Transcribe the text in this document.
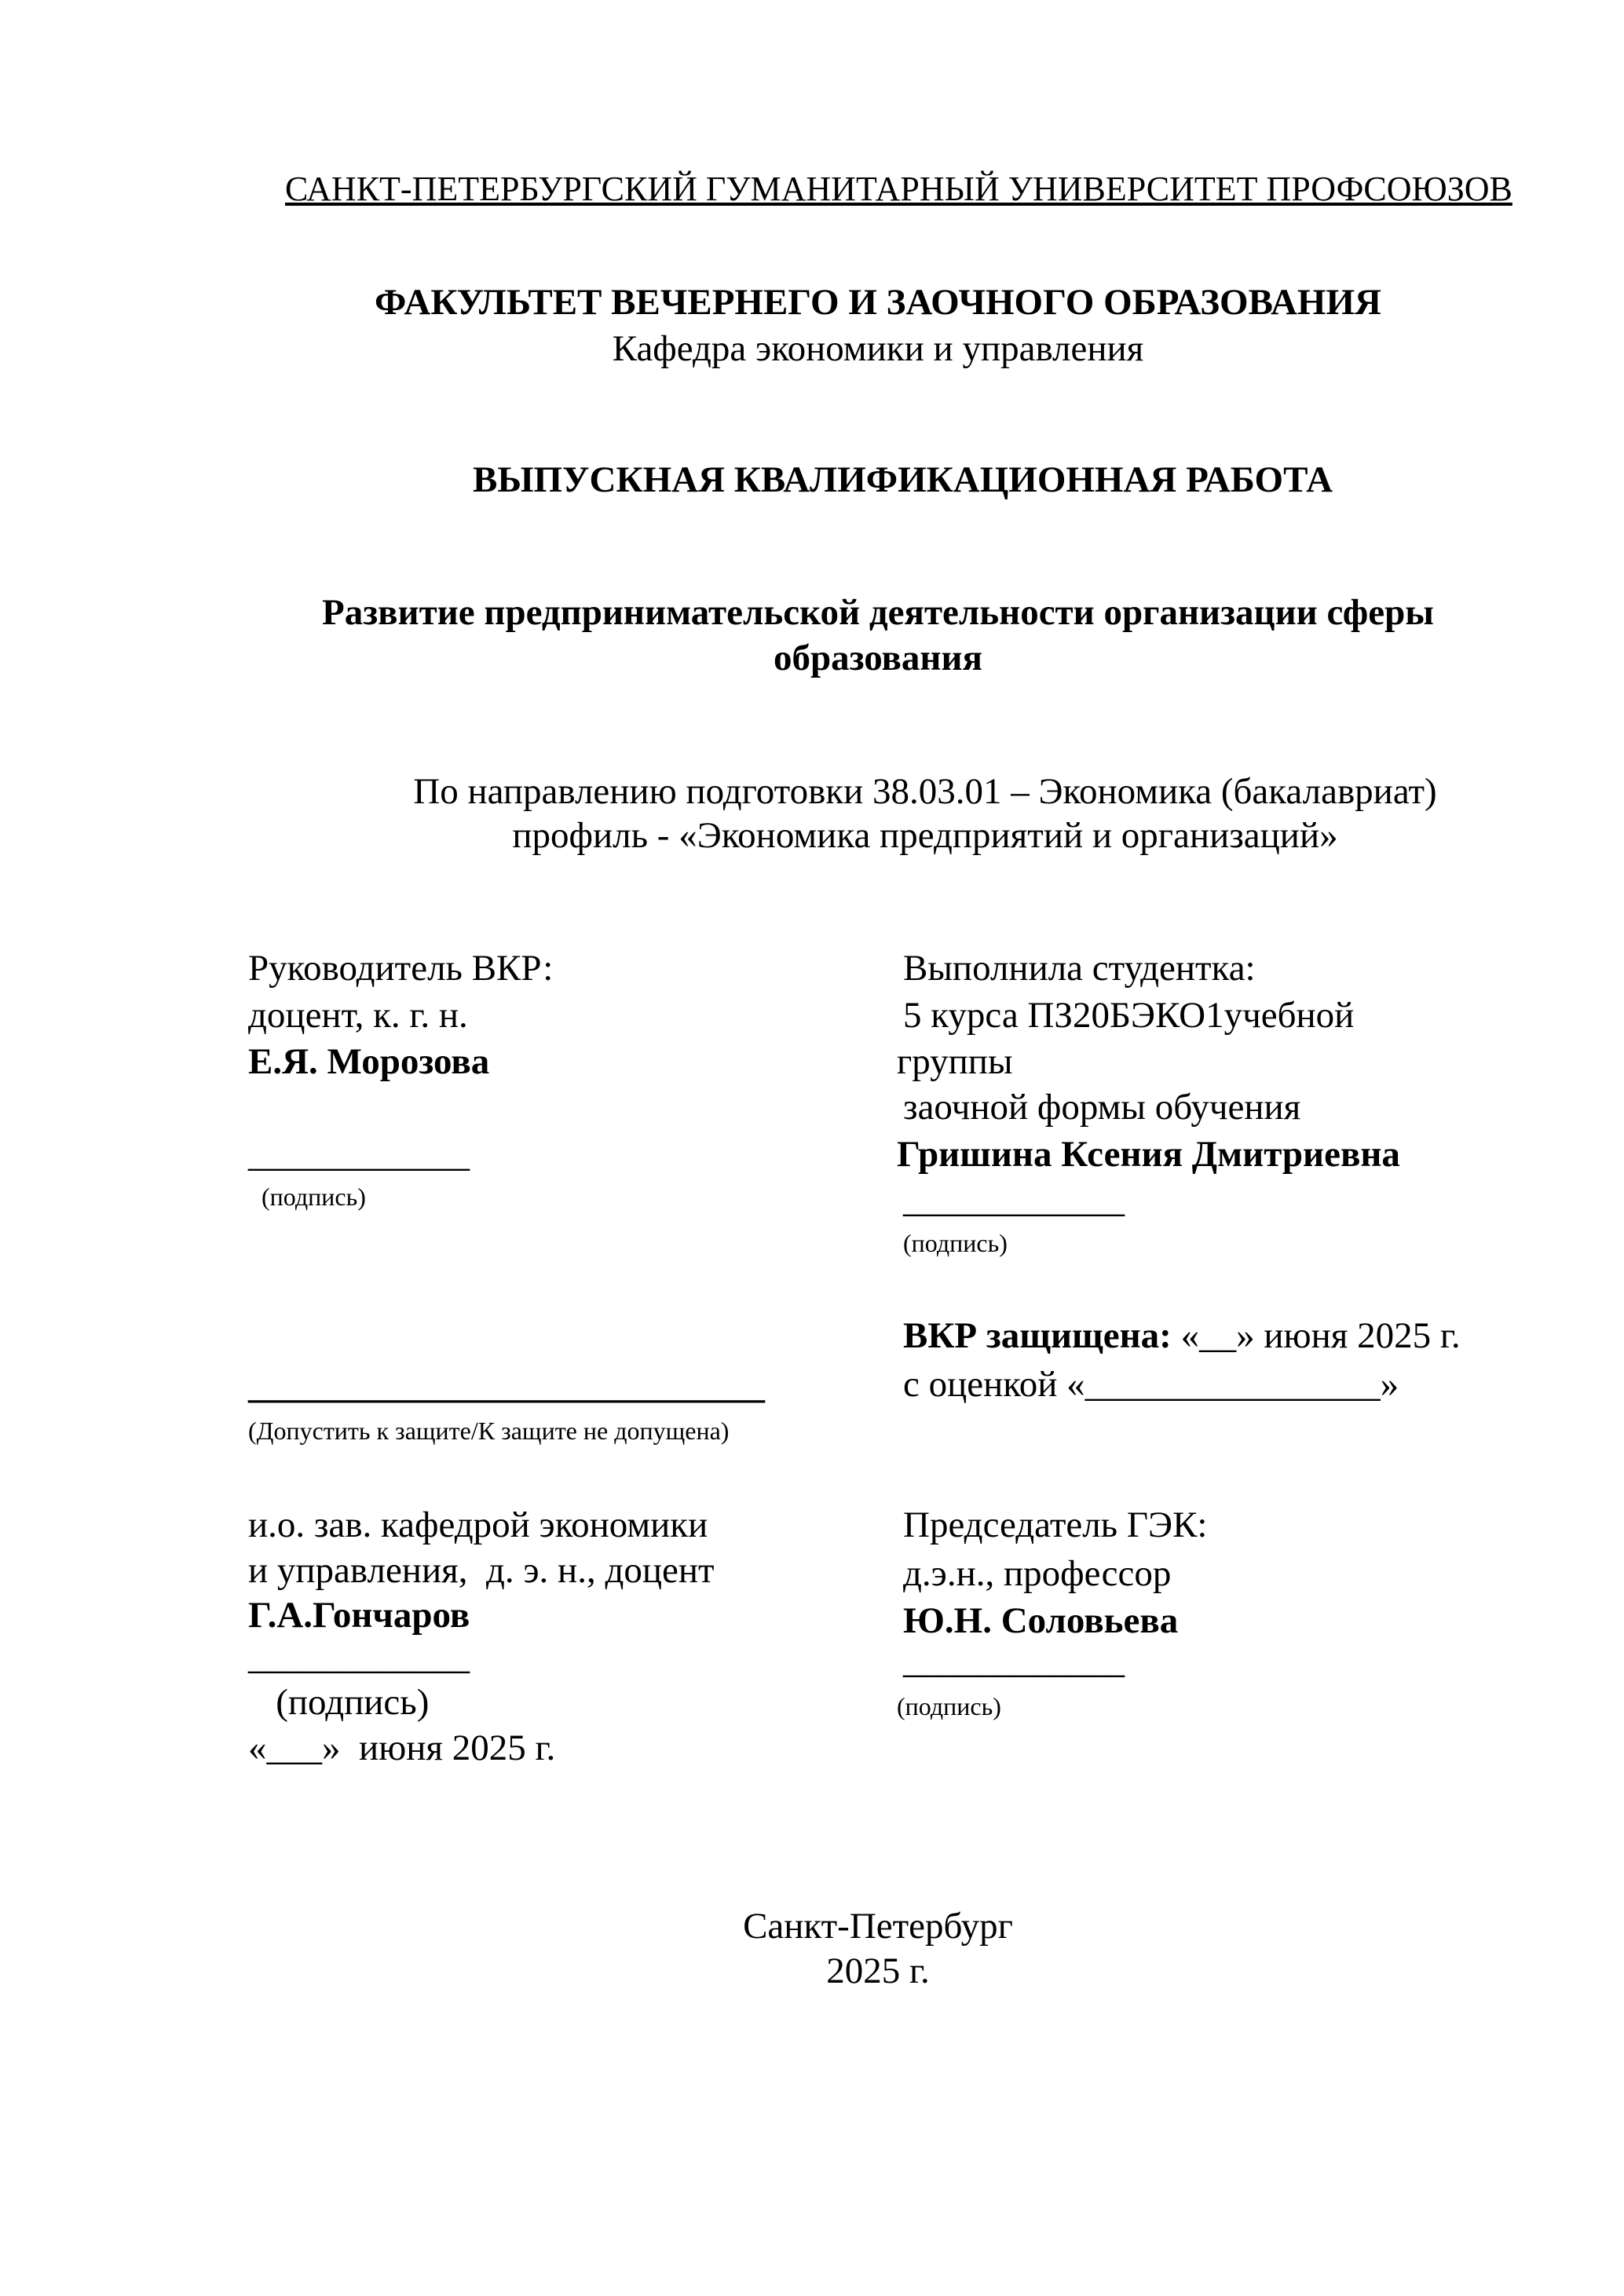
САНКТ-ПЕТЕРБУРГСКИЙ ГУМАНИТАРНЫЙ УНИВЕРСИТЕТ ПРОФСОЮЗОВ
ФАКУЛЬТЕТ ВЕЧЕРНЕГО И ЗАОЧНОГО ОБРАЗОВАНИЯ
Кафедра экономики и управления
ВЫПУСКНАЯ КВАЛИФИКАЦИОННАЯ РАБОТА
Развитие предпринимательской деятельности организации сферы
образования
По направлению подготовки 38.03.01 – Экономика (бакалавриат)
профиль - «Экономика предприятий и организаций»
Руководитель ВКР:
доцент, к. г. н.
Е.Я. Морозова
____________
(подпись)
Выполнила студентка:
5 курса ПЗ20БЭКО1учебной
группы
заочной формы обучения
Гришина Ксения Дмитриевна
____________
(подпись)
ВКР защищена: «__» июня 2025 г.
с оценкой «________________»
____________________________
(Допустить к защите/К защите не допущена)
и.о. зав. кафедрой экономики
и управления,  д. э. н., доцент
Г.А.Гончаров
____________
(подпись)
«___»  июня 2025 г.
Председатель ГЭК:
д.э.н., профессор
Ю.Н. Соловьева
____________
(подпись)
Санкт-Петербург
2025 г.
